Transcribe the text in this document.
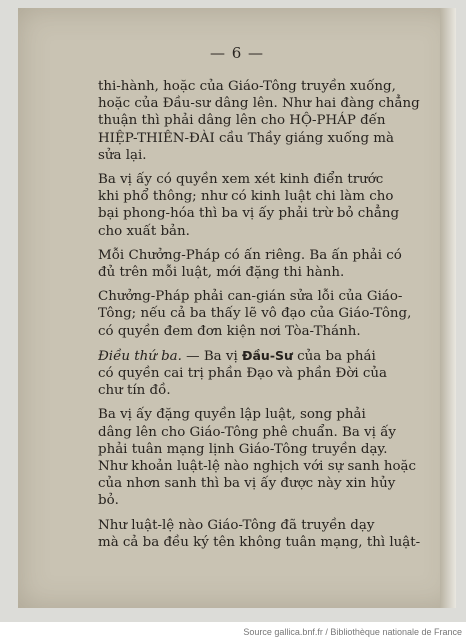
— 6 —

thi-hành, hoặc của Giáo-Tông truyền xuống,
hoặc của Đầu-sư dâng lên. Như hai đàng chẳng
thuận thì phải dâng lên cho HỘ-PHÁP đến
HIỆP-THIÊN-ĐÀI cầu Thầy giáng xuống mà
sửa lại.

Ba vị ấy có quyền xem xét kinh điển trước
khi phổ thông; như có kinh luật chi làm cho
bại phong-hóa thì ba vị ấy phải trừ bỏ chẳng
cho xuất bản.

Mỗi Chưởng-Pháp có ấn riêng. Ba ấn phải có
đủ trên mỗi luật, mới đặng thi hành.

Chưởng-Pháp phải can-gián sửa lỗi của Giáo-
Tông; nếu cả ba thấy lẽ vô đạo của Giáo-Tông,
có quyền đem đơn kiện nơi Tòa-Thánh.

Điều thứ ba. — Ba vị Đầu-Sư của ba phái
có quyền cai trị phần Đạo và phần Đời của
chư tín đồ.

Ba vị ấy đặng quyền lập luật, song phải
dâng lên cho Giáo-Tông phê chuẩn. Ba vị ấy
phải tuân mạng lịnh Giáo-Tông truyền dạy.
Như khoản luật-lệ nào nghịch với sự sanh hoặc
của nhơn sanh thì ba vị ấy được này xin hủy
bỏ.

Như luật-lệ nào Giáo-Tông đã truyền dạy
mà cả ba đều ký tên không tuân mạng, thì luật-

Source gallica.bnf.fr / Bibliothèque nationale de France
